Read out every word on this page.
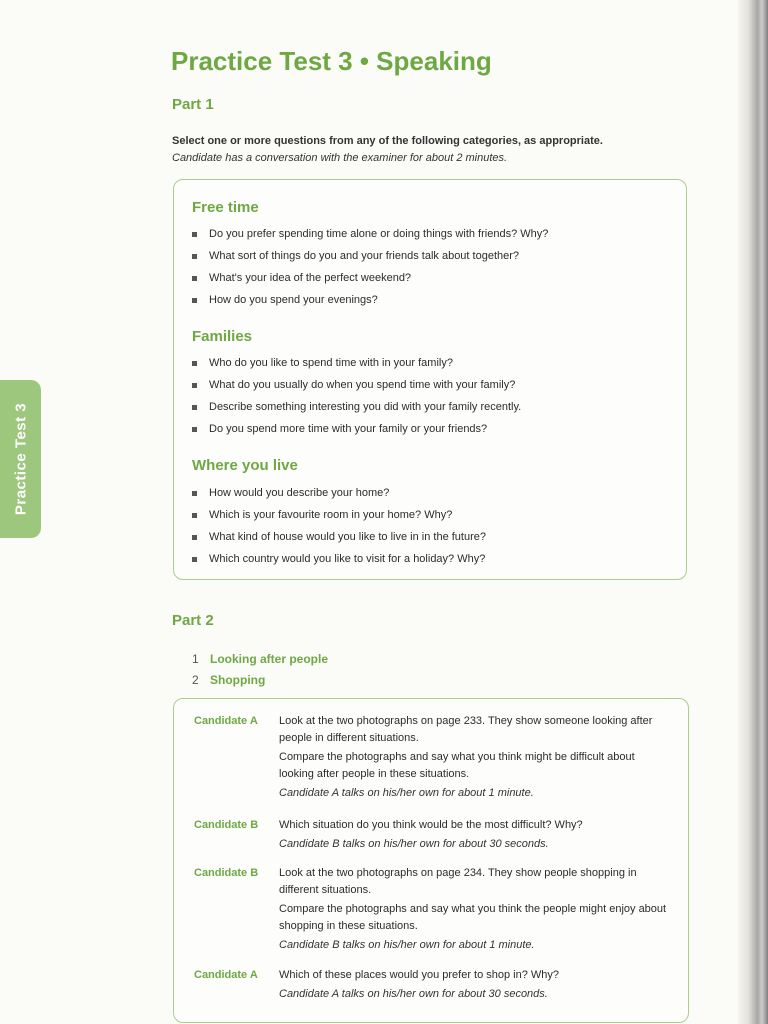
Practice Test 3
Practice Test 3 • Speaking
Part 1
Select one or more questions from any of the following categories, as appropriate.
Candidate has a conversation with the examiner for about 2 minutes.
Free time
Do you prefer spending time alone or doing things with friends? Why?
What sort of things do you and your friends talk about together?
What's your idea of the perfect weekend?
How do you spend your evenings?
Families
Who do you like to spend time with in your family?
What do you usually do when you spend time with your family?
Describe something interesting you did with your family recently.
Do you spend more time with your family or your friends?
Where you live
How would you describe your home?
Which is your favourite room in your home? Why?
What kind of house would you like to live in in the future?
Which country would you like to visit for a holiday? Why?
Part 2
1 Looking after people
2 Shopping
Candidate A	Look at the two photographs on page 233. They show someone looking after people in different situations.

Compare the photographs and say what you think might be difficult about looking after people in these situations.

Candidate A talks on his/her own for about 1 minute.

Candidate B	Which situation do you think would be the most difficult? Why?

Candidate B talks on his/her own for about 30 seconds.

Candidate B	Look at the two photographs on page 234. They show people shopping in different situations.

Compare the photographs and say what you think the people might enjoy about shopping in these situations.

Candidate B talks on his/her own for about 1 minute.

Candidate A	Which of these places would you prefer to shop in? Why?

Candidate A talks on his/her own for about 30 seconds.
